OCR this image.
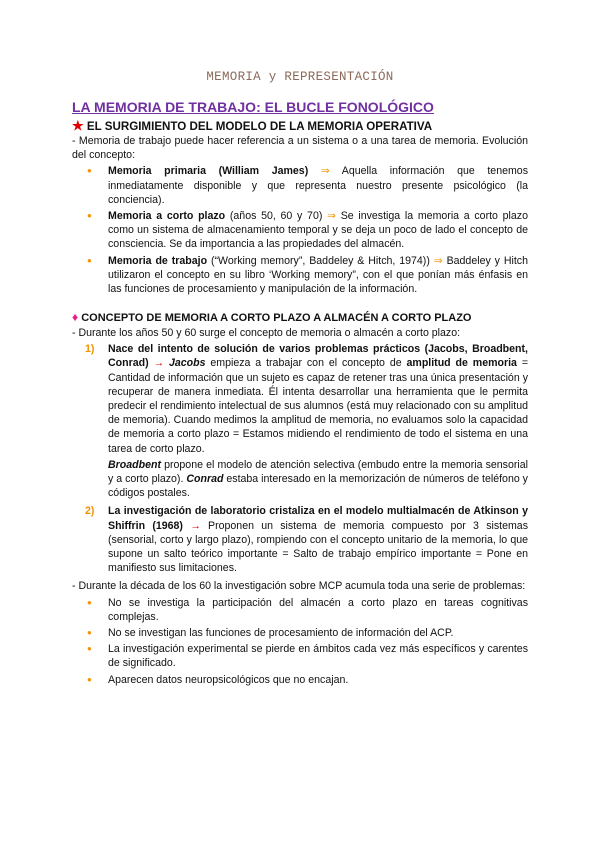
MEMORIA y REPRESENTACIÓN
LA MEMORIA DE TRABAJO: EL BUCLE FONOLÓGICO
★ EL SURGIMIENTO DEL MODELO DE LA MEMORIA OPERATIVA
- Memoria de trabajo puede hacer referencia a un sistema o a una tarea de memoria. Evolución del concepto:
● Memoria primaria (William James) ⇒ Aquella información que tenemos inmediatamente disponible y que representa nuestro presente psicológico (la conciencia).
● Memoria a corto plazo (años 50, 60 y 70) ⇒ Se investiga la memoria a corto plazo como un sistema de almacenamiento temporal y se deja un poco de lado el concepto de consciencia. Se da importancia a las propiedades del almacén.
● Memoria de trabajo (“Working memory”, Baddeley & Hitch, 1974)) ⇒ Baddeley y Hitch utilizaron el concepto en su libro ‘Working memory”, con el que ponían más énfasis en las funciones de procesamiento y manipulación de la información.
♦ CONCEPTO DE MEMORIA A CORTO PLAZO A ALMACÉN A CORTO PLAZO
- Durante los años 50 y 60 surge el concepto de memoria o almacén a corto plazo:
1) Nace del intento de solución de varios problemas prácticos (Jacobs, Broadbent, Conrad) → Jacobs empieza a trabajar con el concepto de amplitud de memoria = Cantidad de información que un sujeto es capaz de retener tras una única presentación y recuperar de manera inmediata. Él intenta desarrollar una herramienta que le permita predecir el rendimiento intelectual de sus alumnos (está muy relacionado con su amplitud de memoria). Cuando medimos la amplitud de memoria, no evaluamos solo la capacidad de memoria a corto plazo = Estamos midiendo el rendimiento de todo el sistema en una tarea de corto plazo.
Broadbent propone el modelo de atención selectiva (embudo entre la memoria sensorial y a corto plazo). Conrad estaba interesado en la memorización de números de teléfono y códigos postales.
2) La investigación de laboratorio cristaliza en el modelo multialmacén de Atkinson y Shiffrin (1968) → Proponen un sistema de memoria compuesto por 3 sistemas (sensorial, corto y largo plazo), rompiendo con el concepto unitario de la memoria, lo que supone un salto teórico importante = Salto de trabajo empírico importante = Pone en manifiesto sus limitaciones.
- Durante la década de los 60 la investigación sobre MCP acumula toda una serie de problemas:
● No se investiga la participación del almacén a corto plazo en tareas cognitivas complejas.
● No se investigan las funciones de procesamiento de información del ACP.
● La investigación experimental se pierde en ámbitos cada vez más específicos y carentes de significado.
● Aparecen datos neuropsicológicos que no encajan.
